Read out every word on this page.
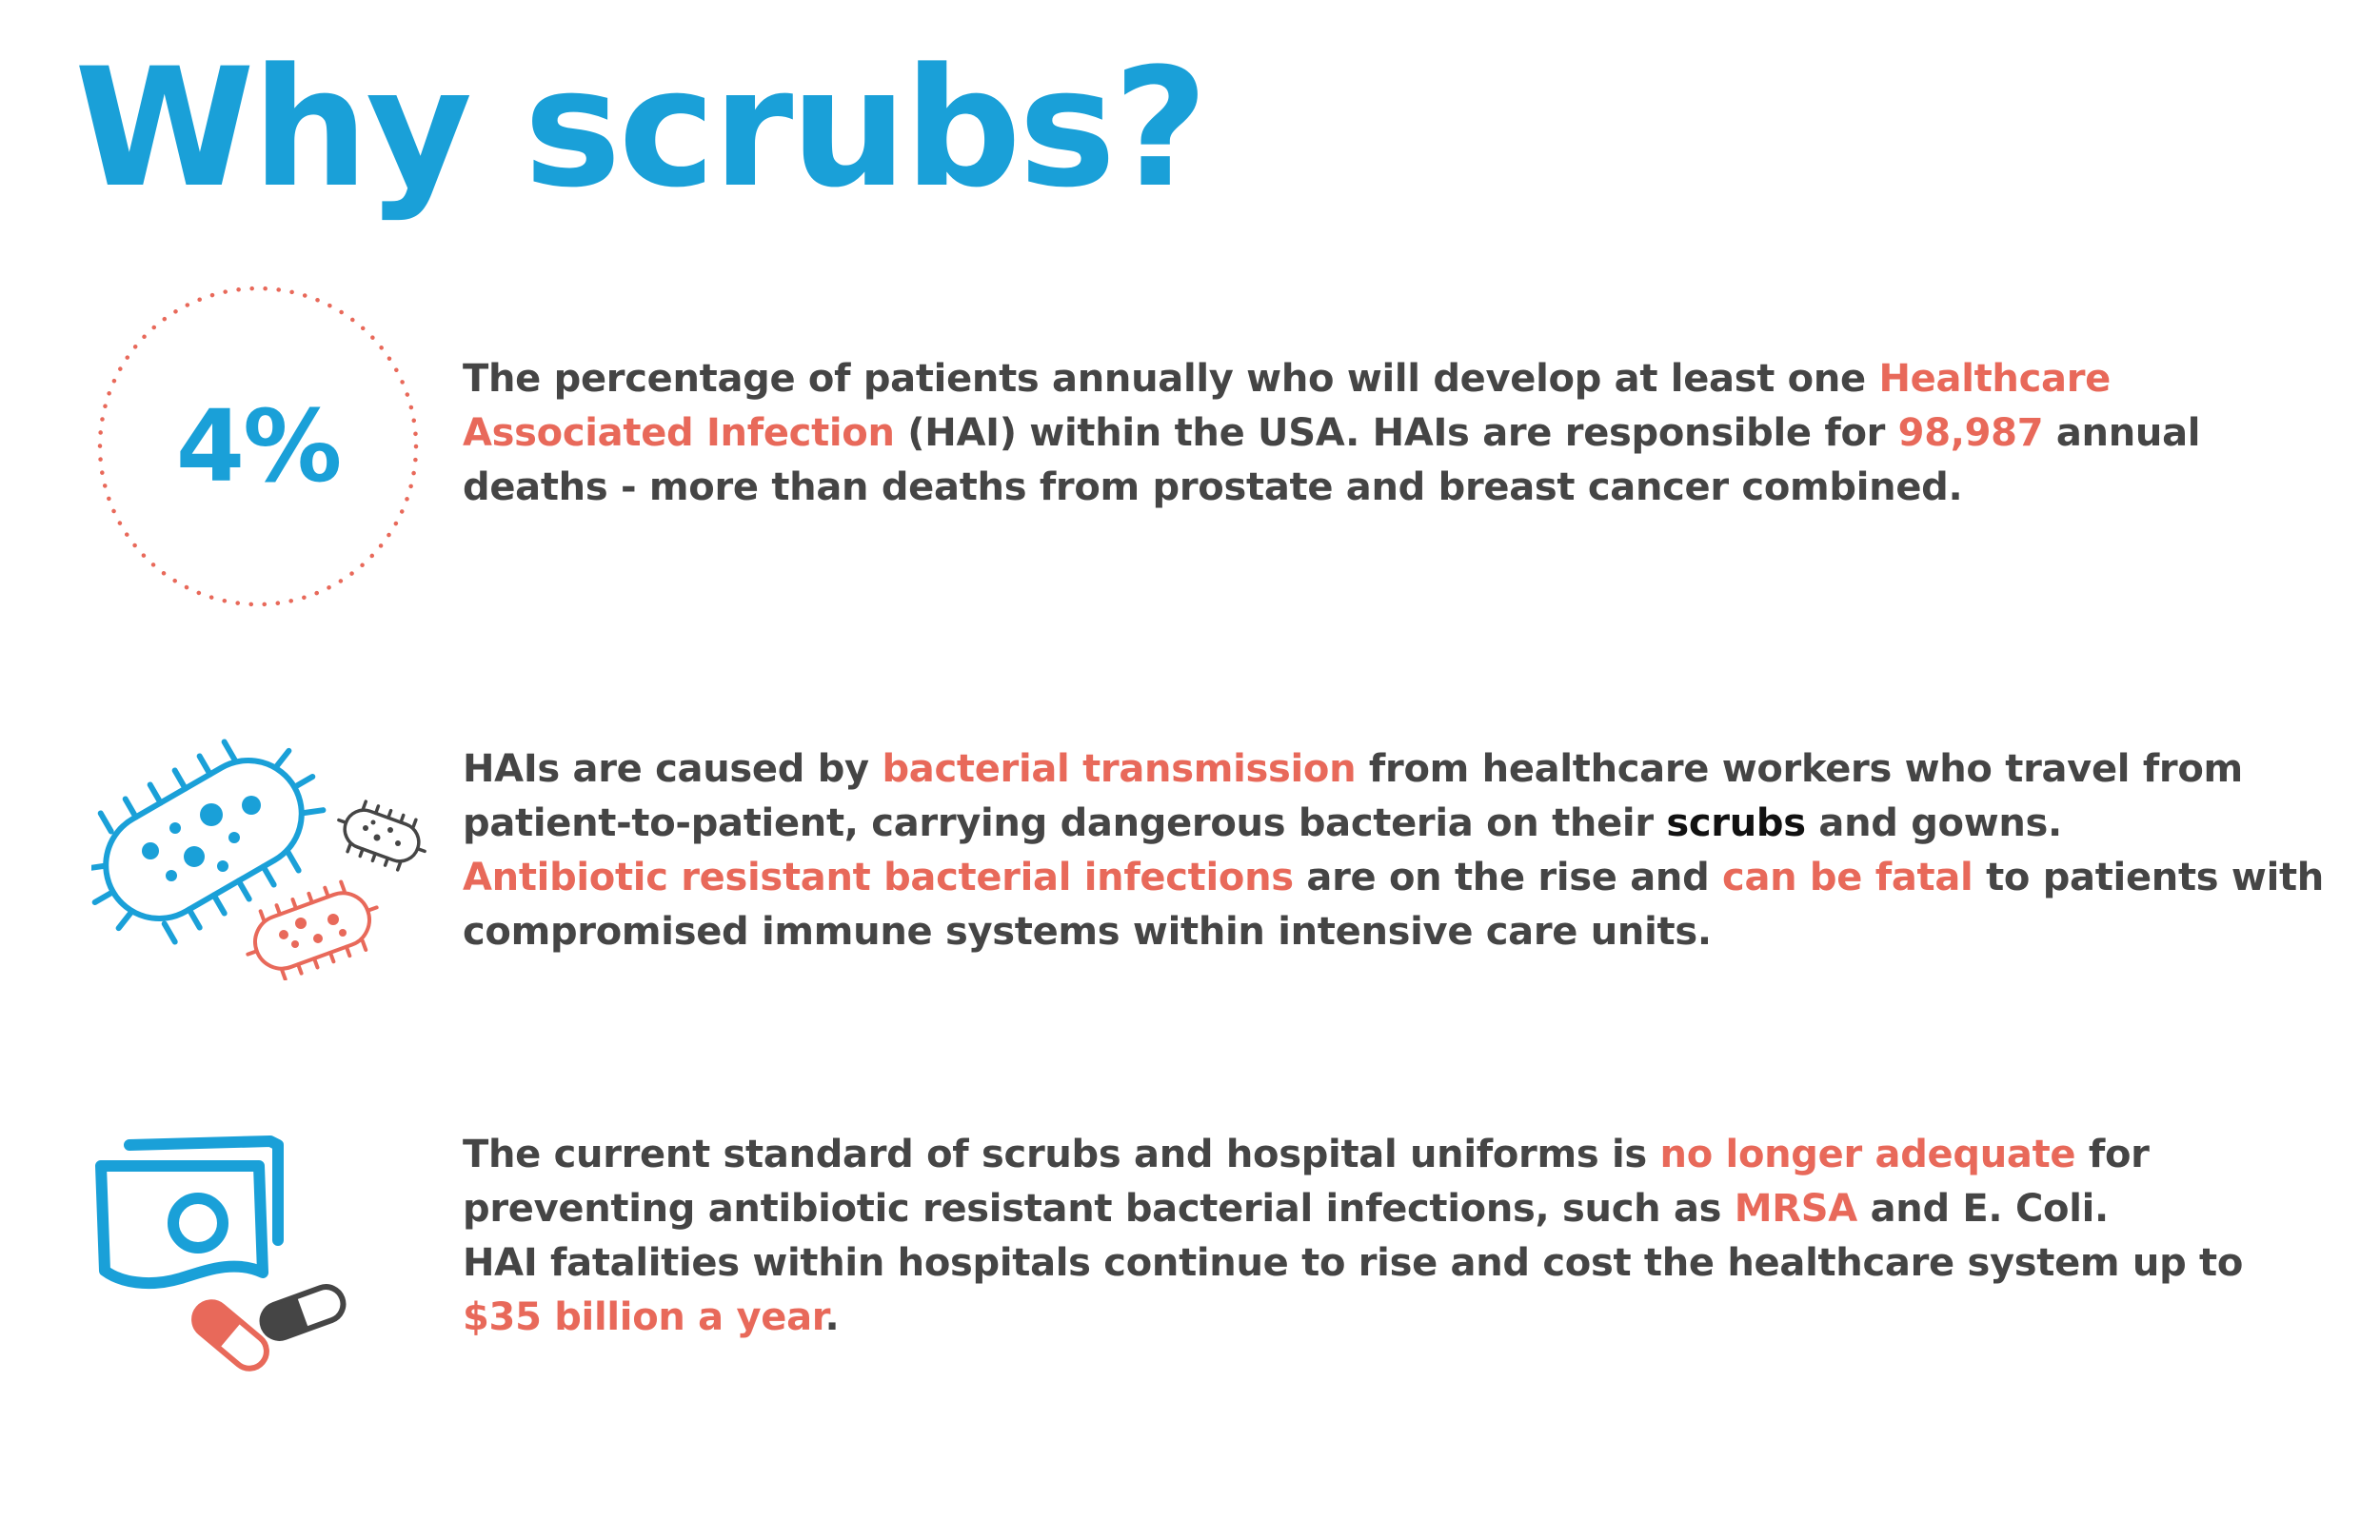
Why scrubs?
4%

The percentage of patients annually who will develop at least one Healthcare Associated Infection (HAI) within the USA. HAIs are responsible for 98,987 annual deaths - more than deaths from prostate and breast cancer combined.

HAIs are caused by bacterial transmission from healthcare workers who travel from patient-to-patient, carrying dangerous bacteria on their scrubs and gowns.
Antibiotic resistant bacterial infections are on the rise and can be fatal to patients with compromised immune systems within intensive care units.

The current standard of scrubs and hospital uniforms is no longer adequate for preventing antibiotic resistant bacterial infections, such as MRSA and E. Coli.
HAI fatalities within hospitals continue to rise and cost the healthcare system up to $35 billion a year.
